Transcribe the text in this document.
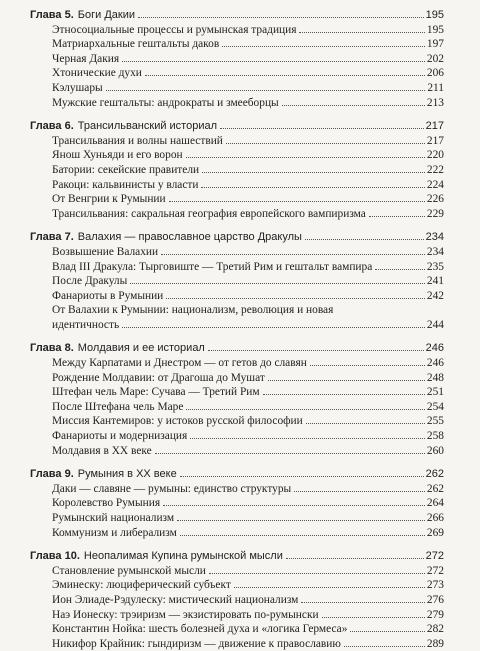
Глава 5. Боги Дакии	195
Этносоциальные процессы и румынская традиция	195
Матриархальные гештальты даков	197
Черная Дакия	202
Хтонические духи	206
Кэлушары	211
Мужские гештальты: андрократы и змееборцы	213
Глава 6. Трансильванский историал	217
Трансильвания и волны нашествий	217
Янош Хуньяди и его ворон	220
Батории: секейские правители	222
Ракоци: кальвинисты у власти	224
От Венгрии к Румынии	226
Трансильвания: сакральная география европейского вампиризма	229
Глава 7. Валахия — православное царство Дракулы	234
Возвышение Валахии	234
Влад III Дракула: Тырговиште — Третий Рим и гештальт вампира	235
После Дракулы	241
Фанариоты в Румынии	242
От Валахии к Румынии: национализм, революция и новая
идентичность	244
Глава 8. Молдавия и ее историал	246
Между Карпатами и Днестром — от гетов до славян	246
Рождение Молдавии: от Драгоша до Мушат	248
Штефан чель Маре: Сучава — Третий Рим	251
После Штефана чель Маре	254
Миссия Кантемиров: у истоков русской философии	255
Фанариоты и модернизация	258
Молдавия в XX веке	260
Глава 9. Румыния в XX веке	262
Даки — славяне — румыны: единство структуры	262
Королевство Румыния	264
Румынский национализм	266
Коммунизм и либерализм	269
Глава 10. Неопалимая Купина румынской мысли	272
Становление румынской мысли	272
Эминеску: люциферический субъект	273
Ион Элиаде-Рэдулеску: мистический национализм	276
Наэ Ионеску: трэиризм — экзистировать по-румынски	279
Константин Нойка: шесть болезней духа и «логика Гермеса»	282
Никифор Крайник: гындиризм — движение к православию	289
